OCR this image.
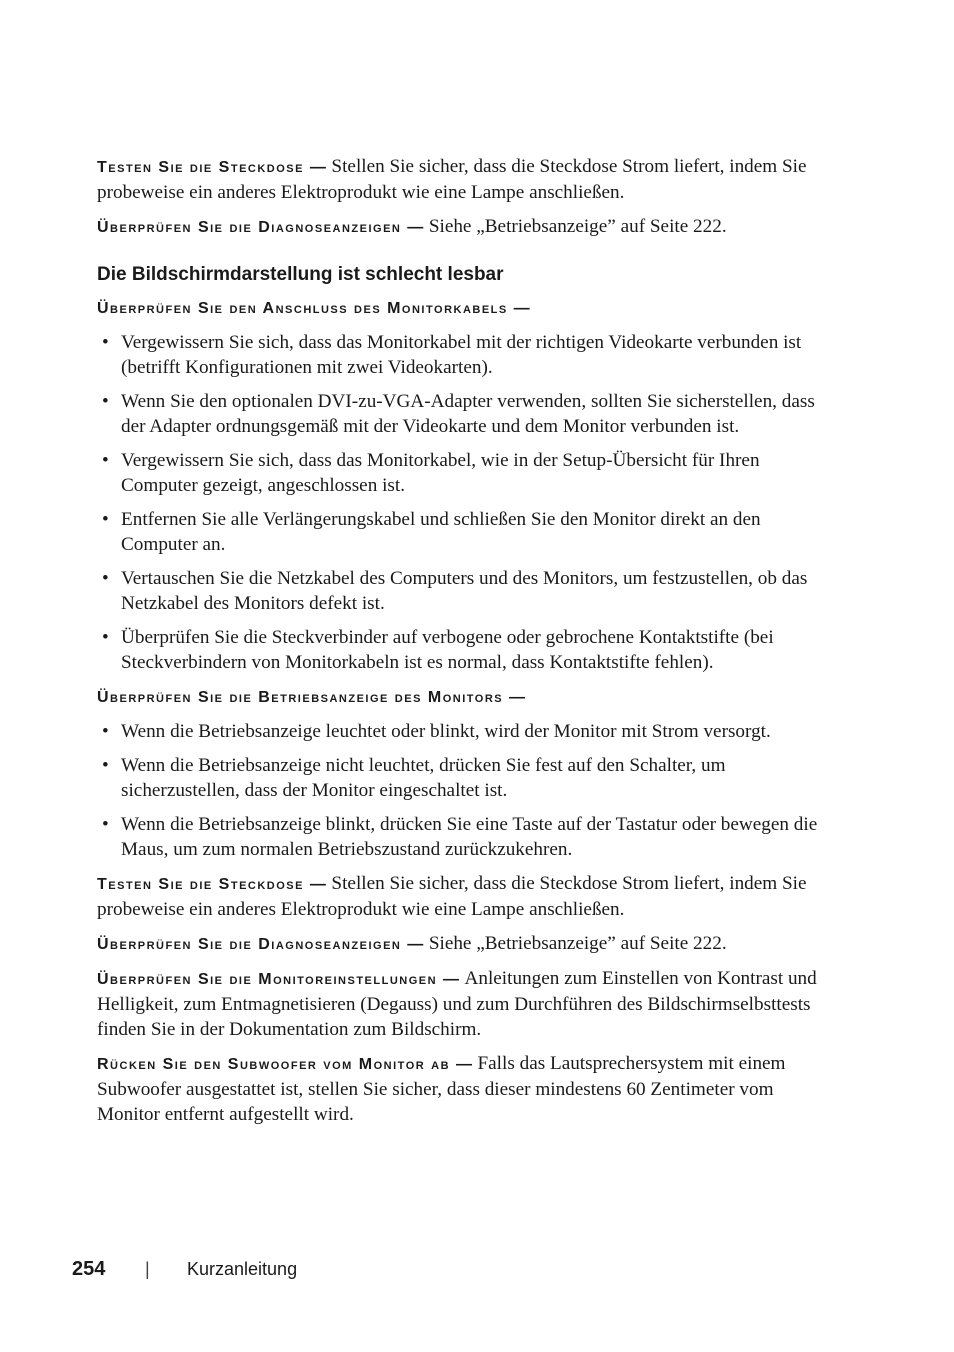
Testen Sie die Steckdose — Stellen Sie sicher, dass die Steckdose Strom liefert, indem Sie probeweise ein anderes Elektroprodukt wie eine Lampe anschließen.

Überprüfen Sie die Diagnoseanzeigen — Siehe „Betriebsanzeige” auf Seite 222.

Die Bildschirmdarstellung ist schlecht lesbar

Überprüfen Sie den Anschluss des Monitorkabels —

• Vergewissern Sie sich, dass das Monitorkabel mit der richtigen Videokarte verbunden ist (betrifft Konfigurationen mit zwei Videokarten).
• Wenn Sie den optionalen DVI-zu-VGA-Adapter verwenden, sollten Sie sicherstellen, dass der Adapter ordnungsgemäß mit der Videokarte und dem Monitor verbunden ist.
• Vergewissern Sie sich, dass das Monitorkabel, wie in der Setup-Übersicht für Ihren Computer gezeigt, angeschlossen ist.
• Entfernen Sie alle Verlängerungskabel und schließen Sie den Monitor direkt an den Computer an.
• Vertauschen Sie die Netzkabel des Computers und des Monitors, um festzustellen, ob das Netzkabel des Monitors defekt ist.
• Überprüfen Sie die Steckverbinder auf verbogene oder gebrochene Kontaktstifte (bei Steckverbindern von Monitorkabeln ist es normal, dass Kontaktstifte fehlen).

Überprüfen Sie die Betriebsanzeige des Monitors —

• Wenn die Betriebsanzeige leuchtet oder blinkt, wird der Monitor mit Strom versorgt.
• Wenn die Betriebsanzeige nicht leuchtet, drücken Sie fest auf den Schalter, um sicherzustellen, dass der Monitor eingeschaltet ist.
• Wenn die Betriebsanzeige blinkt, drücken Sie eine Taste auf der Tastatur oder bewegen die Maus, um zum normalen Betriebszustand zurückzukehren.

Testen Sie die Steckdose — Stellen Sie sicher, dass die Steckdose Strom liefert, indem Sie probeweise ein anderes Elektroprodukt wie eine Lampe anschließen.

Überprüfen Sie die Diagnoseanzeigen — Siehe „Betriebsanzeige” auf Seite 222.

Überprüfen Sie die Monitoreinstellungen — Anleitungen zum Einstellen von Kontrast und Helligkeit, zum Entmagnetisieren (Degauss) und zum Durchführen des Bildschirmselbsttests finden Sie in der Dokumentation zum Bildschirm.

Rücken Sie den Subwoofer vom Monitor ab — Falls das Lautsprechersystem mit einem Subwoofer ausgestattet ist, stellen Sie sicher, dass dieser mindestens 60 Zentimeter vom Monitor entfernt aufgestellt wird.

254 | Kurzanleitung
